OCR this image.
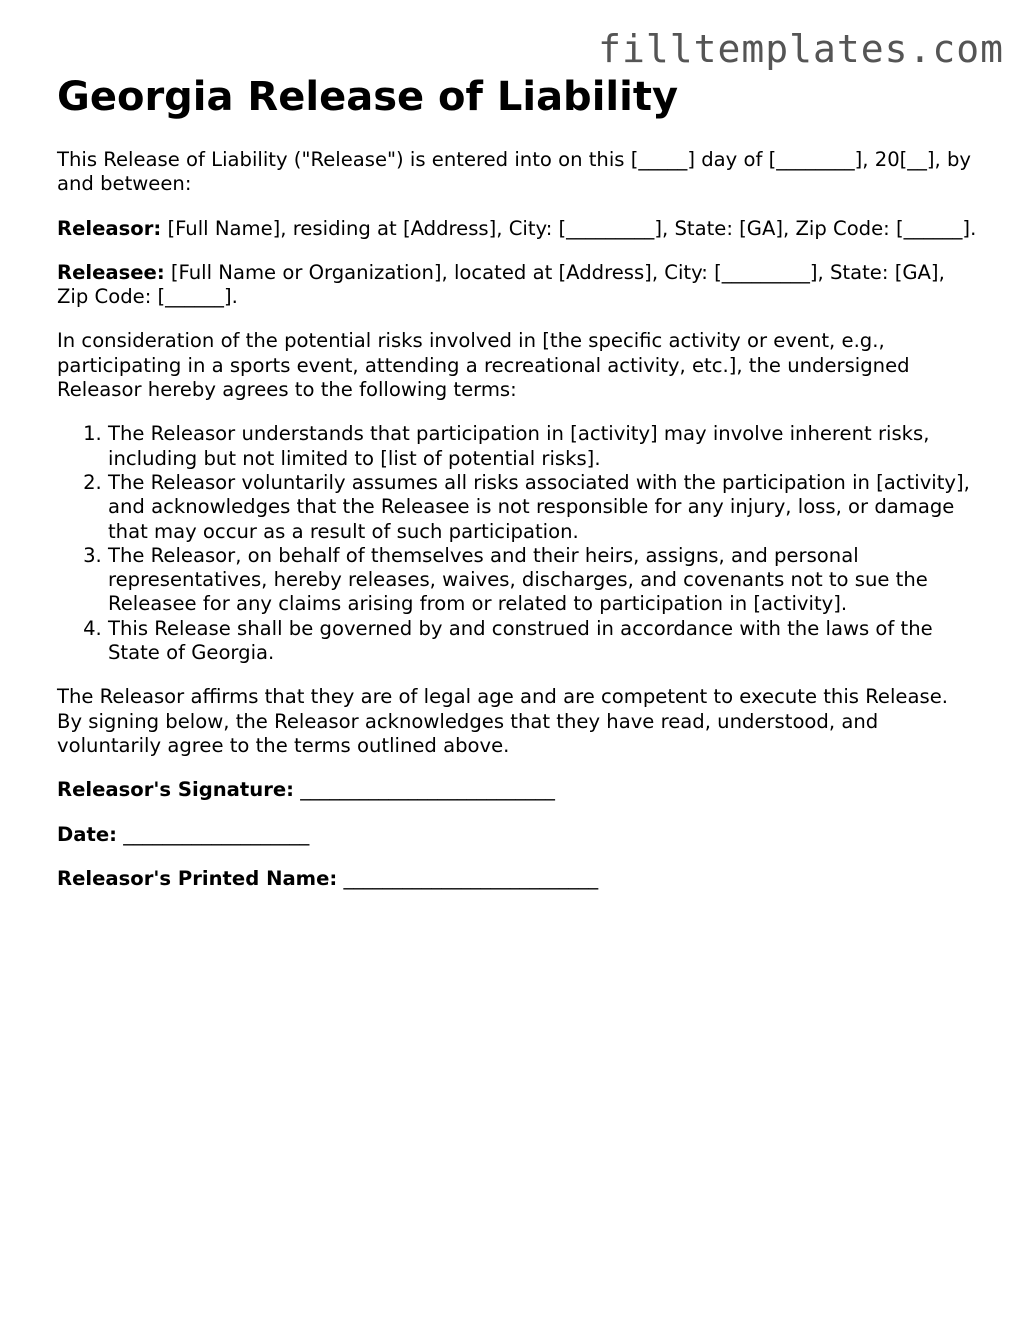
filltemplates.com
Georgia Release of Liability

This Release of Liability ("Release") is entered into on this [_____] day of [________], 20[__], by and between:

Releasor: [Full Name], residing at [Address], City: [_________], State: [GA], Zip Code: [______].

Releasee: [Full Name or Organization], located at [Address], City: [_________], State: [GA], Zip Code: [______].

In consideration of the potential risks involved in [the specific activity or event, e.g., participating in a sports event, attending a recreational activity, etc.], the undersigned Releasor hereby agrees to the following terms:

1. The Releasor understands that participation in [activity] may involve inherent risks, including but not limited to [list of potential risks].
2. The Releasor voluntarily assumes all risks associated with the participation in [activity], and acknowledges that the Releasee is not responsible for any injury, loss, or damage that may occur as a result of such participation.
3. The Releasor, on behalf of themselves and their heirs, assigns, and personal representatives, hereby releases, waives, discharges, and covenants not to sue the Releasee for any claims arising from or related to participation in [activity].
4. This Release shall be governed by and construed in accordance with the laws of the State of Georgia.

The Releasor affirms that they are of legal age and are competent to execute this Release. By signing below, the Releasor acknowledges that they have read, understood, and voluntarily agree to the terms outlined above.

Releasor's Signature: __________________________
Date: ___________________
Releasor's Printed Name: __________________________
